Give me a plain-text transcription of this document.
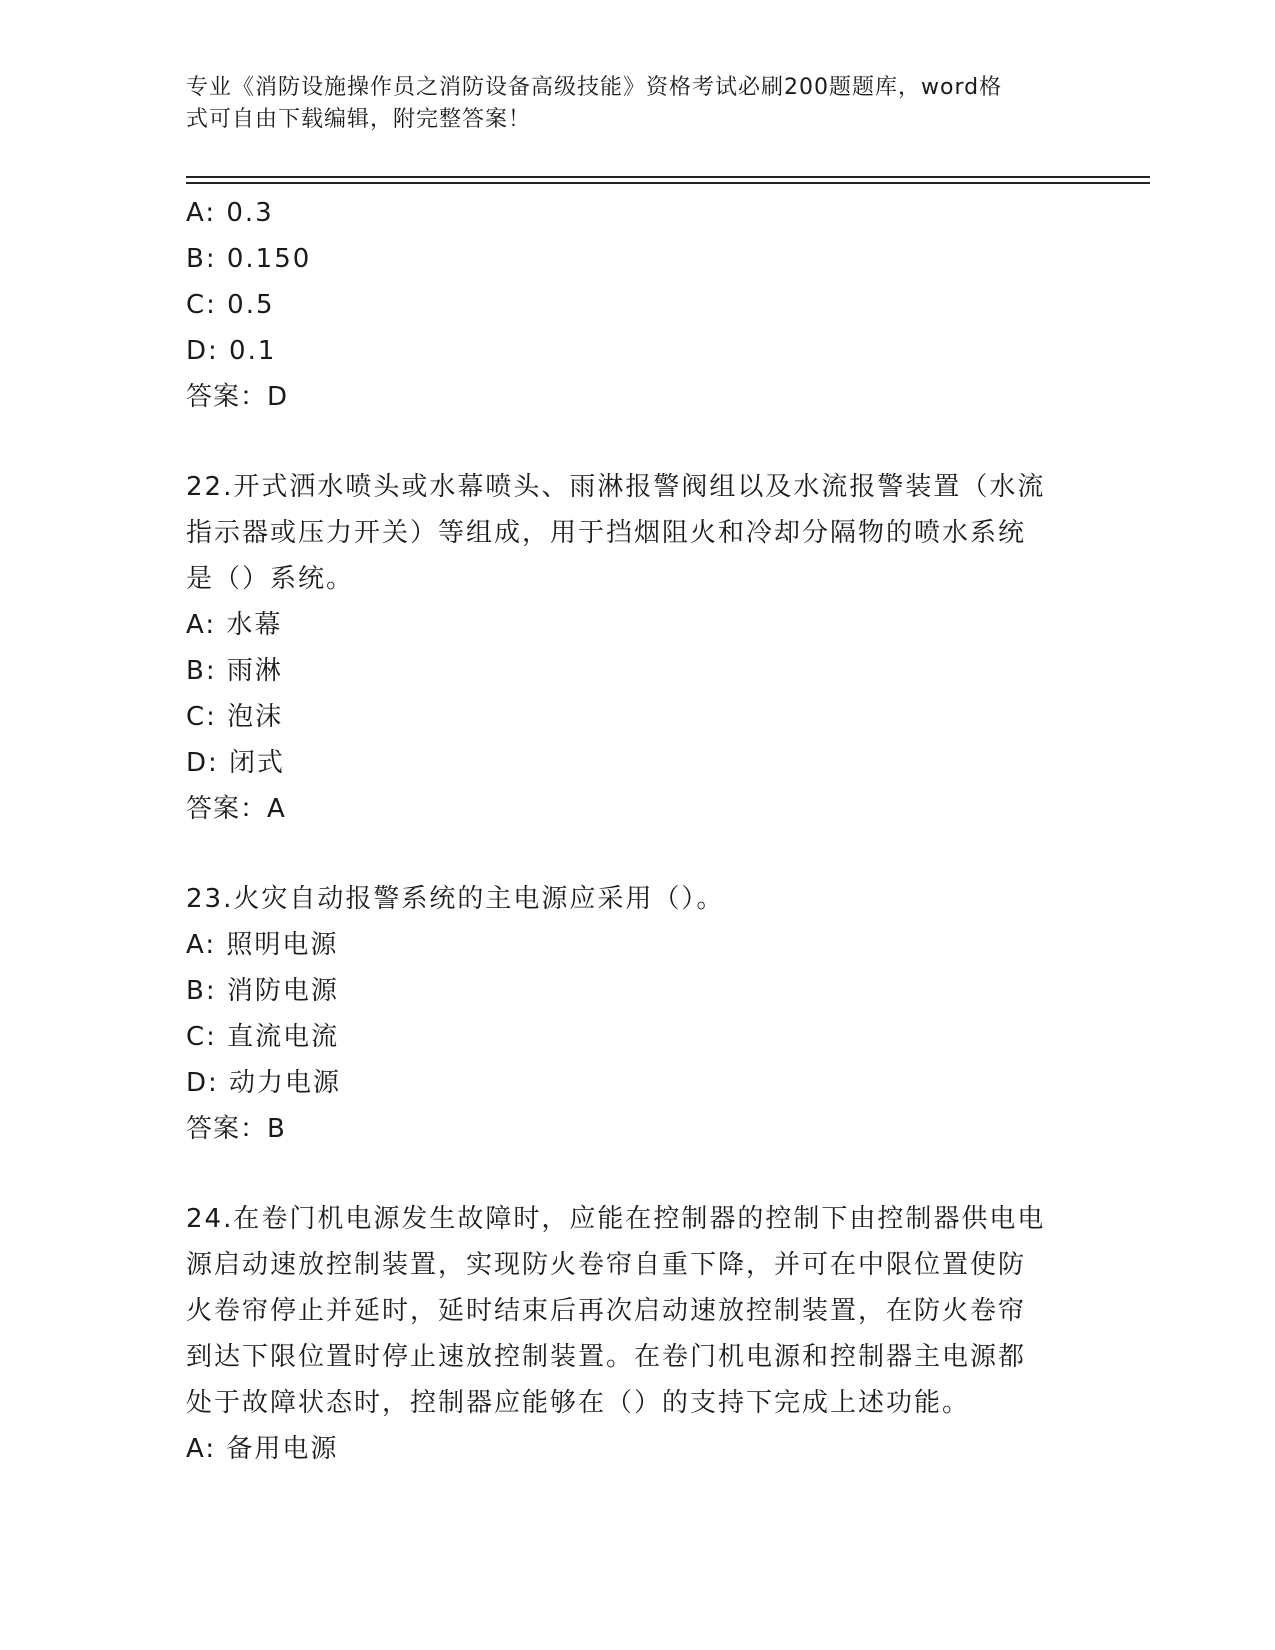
专业《消防设施操作员之消防设备高级技能》资格考试必刷200题题库，word格
式可自由下载编辑，附完整答案！
A: 0.3
B: 0.150
C: 0.5
D: 0.1
答案：D
22.开式洒水喷头或水幕喷头、雨淋报警阀组以及水流报警装置（水流
指示器或压力开关）等组成，用于挡烟阻火和冷却分隔物的喷水系统
是（）系统。
A: 水幕
B: 雨淋
C: 泡沫
D: 闭式
答案：A
23.火灾自动报警系统的主电源应采用（）。
A: 照明电源
B: 消防电源
C: 直流电流
D: 动力电源
答案：B
24.在卷门机电源发生故障时，应能在控制器的控制下由控制器供电电
源启动速放控制装置，实现防火卷帘自重下降，并可在中限位置使防
火卷帘停止并延时，延时结束后再次启动速放控制装置，在防火卷帘
到达下限位置时停止速放控制装置。在卷门机电源和控制器主电源都
处于故障状态时，控制器应能够在（）的支持下完成上述功能。
A: 备用电源
